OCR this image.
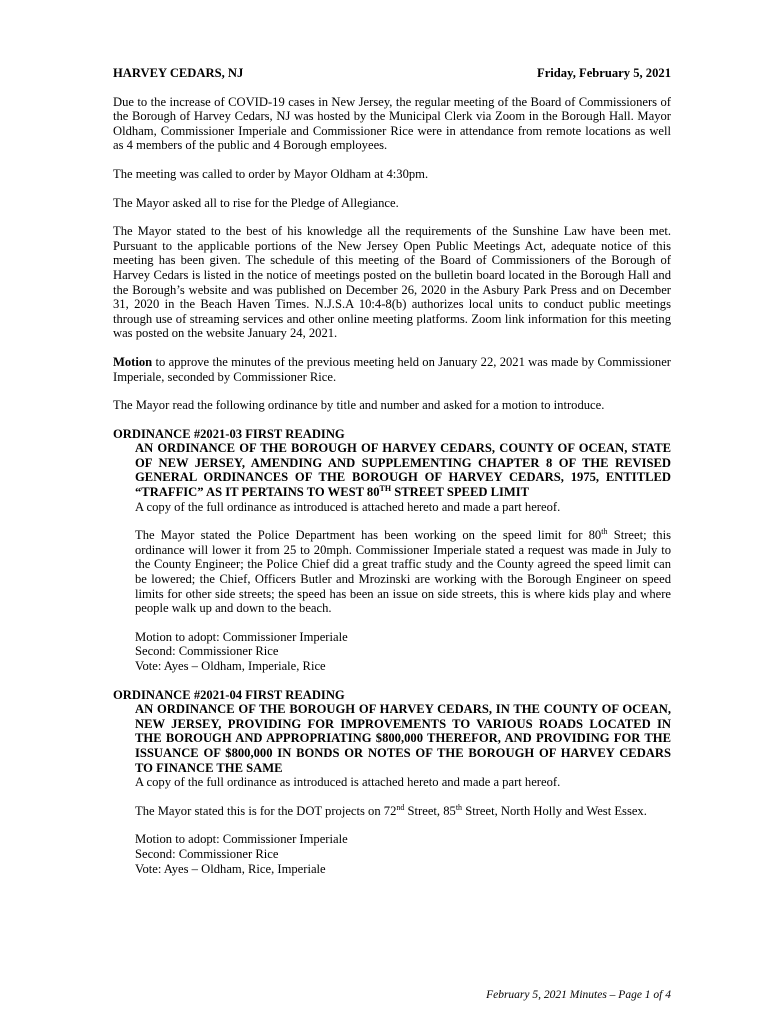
HARVEY CEDARS, NJ	Friday, February 5, 2021

Due to the increase of COVID-19 cases in New Jersey, the regular meeting of the Board of Commissioners of the Borough of Harvey Cedars, NJ was hosted by the Municipal Clerk via Zoom in the Borough Hall. Mayor Oldham, Commissioner Imperiale and Commissioner Rice were in attendance from remote locations as well as 4 members of the public and 4 Borough employees.

The meeting was called to order by Mayor Oldham at 4:30pm.

The Mayor asked all to rise for the Pledge of Allegiance.

The Mayor stated to the best of his knowledge all the requirements of the Sunshine Law have been met. Pursuant to the applicable portions of the New Jersey Open Public Meetings Act, adequate notice of this meeting has been given. The schedule of this meeting of the Board of Commissioners of the Borough of Harvey Cedars is listed in the notice of meetings posted on the bulletin board located in the Borough Hall and the Borough’s website and was published on December 26, 2020 in the Asbury Park Press and on December 31, 2020 in the Beach Haven Times. N.J.S.A 10:4-8(b) authorizes local units to conduct public meetings through use of streaming services and other online meeting platforms. Zoom link information for this meeting was posted on the website January 24, 2021.

Motion to approve the minutes of the previous meeting held on January 22, 2021 was made by Commissioner Imperiale, seconded by Commissioner Rice.

The Mayor read the following ordinance by title and number and asked for a motion to introduce.

ORDINANCE #2021-03 FIRST READING
AN ORDINANCE OF THE BOROUGH OF HARVEY CEDARS, COUNTY OF OCEAN, STATE OF NEW JERSEY, AMENDING AND SUPPLEMENTING CHAPTER 8 OF THE REVISED GENERAL ORDINANCES OF THE BOROUGH OF HARVEY CEDARS, 1975, ENTITLED “TRAFFIC” AS IT PERTAINS TO WEST 80TH STREET SPEED LIMIT

A copy of the full ordinance as introduced is attached hereto and made a part hereof.

The Mayor stated the Police Department has been working on the speed limit for 80th Street; this ordinance will lower it from 25 to 20mph. Commissioner Imperiale stated a request was made in July to the County Engineer; the Police Chief did a great traffic study and the County agreed the speed limit can be lowered; the Chief, Officers Butler and Mrozinski are working with the Borough Engineer on speed limits for other side streets; the speed has been an issue on side streets, this is where kids play and where people walk up and down to the beach.

Motion to adopt: Commissioner Imperiale
Second: Commissioner Rice
Vote: Ayes – Oldham, Imperiale, Rice
ORDINANCE #2021-04 FIRST READING
AN ORDINANCE OF THE BOROUGH OF HARVEY CEDARS, IN THE COUNTY OF OCEAN, NEW JERSEY, PROVIDING FOR IMPROVEMENTS TO VARIOUS ROADS LOCATED IN THE BOROUGH AND APPROPRIATING $800,000 THEREFOR, AND PROVIDING FOR THE ISSUANCE OF $800,000 IN BONDS OR NOTES OF THE BOROUGH OF HARVEY CEDARS TO FINANCE THE SAME

A copy of the full ordinance as introduced is attached hereto and made a part hereof.

The Mayor stated this is for the DOT projects on 72nd Street, 85th Street, North Holly and West Essex.

Motion to adopt: Commissioner Imperiale
Second: Commissioner Rice
Vote: Ayes – Oldham, Rice, Imperiale
February 5, 2021 Minutes – Page 1 of 4
